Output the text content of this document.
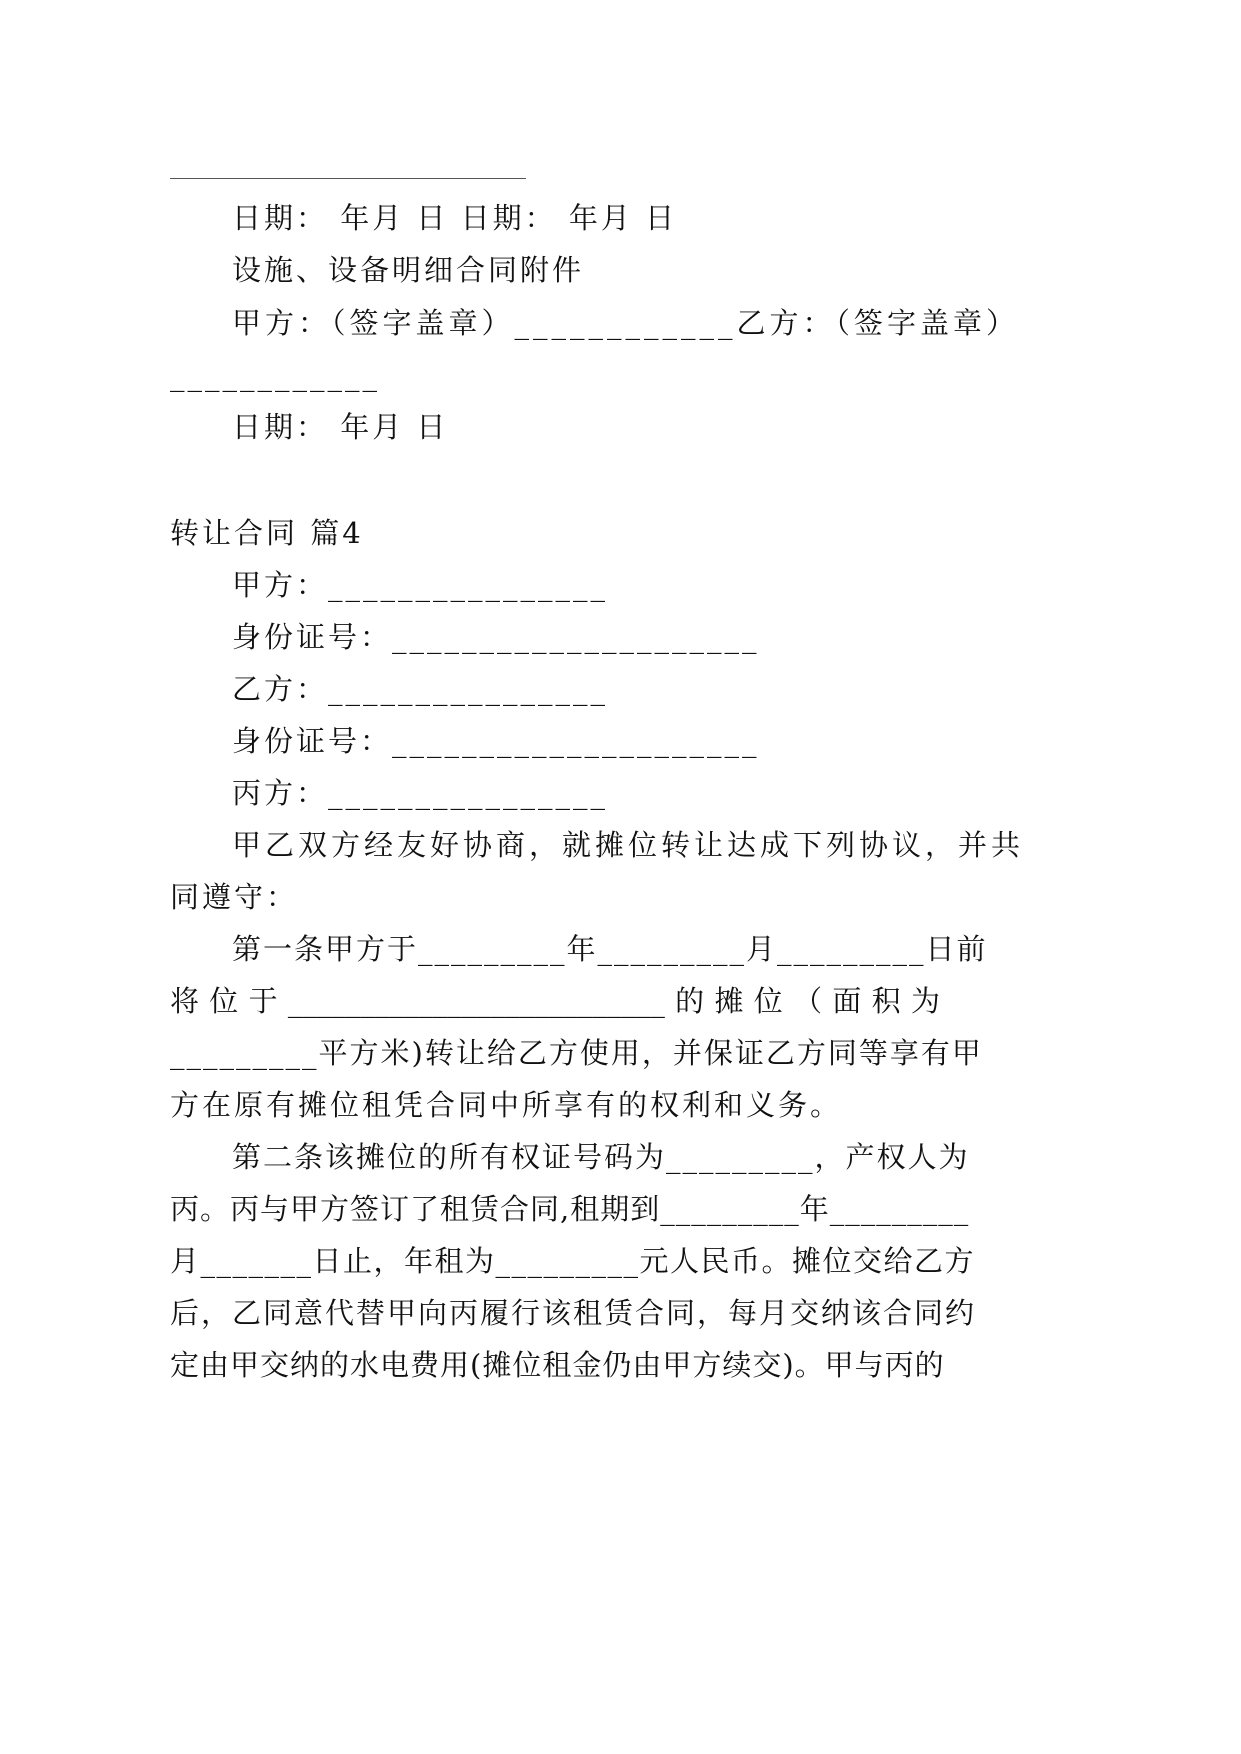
日期： 年月 日 日期： 年月 日
设施、设备明细合同附件
甲方：（签字盖章）____________乙方：（签字盖章）
____________
日期： 年月 日
转让合同 篇4
甲方：________________
身份证号：_____________________
乙方：________________
身份证号：_____________________
丙方：________________
甲乙双方经友好协商，就摊位转让达成下列协议，并共
同遵守：
第一条甲方于_________年_________月_________日前
将 位 于 __________________________ 的 摊 位 （ 面 积 为
_________平方米)转让给乙方使用，并保证乙方同等享有甲
方在原有摊位租凭合同中所享有的权利和义务。
第二条该摊位的所有权证号码为_________，产权人为
丙。丙与甲方签订了租赁合同,租期到_________年_________
月_______日止，年租为_________元人民币。摊位交给乙方
后，乙同意代替甲向丙履行该租赁合同，每月交纳该合同约
定由甲交纳的水电费用(摊位租金仍由甲方续交)。甲与丙的
